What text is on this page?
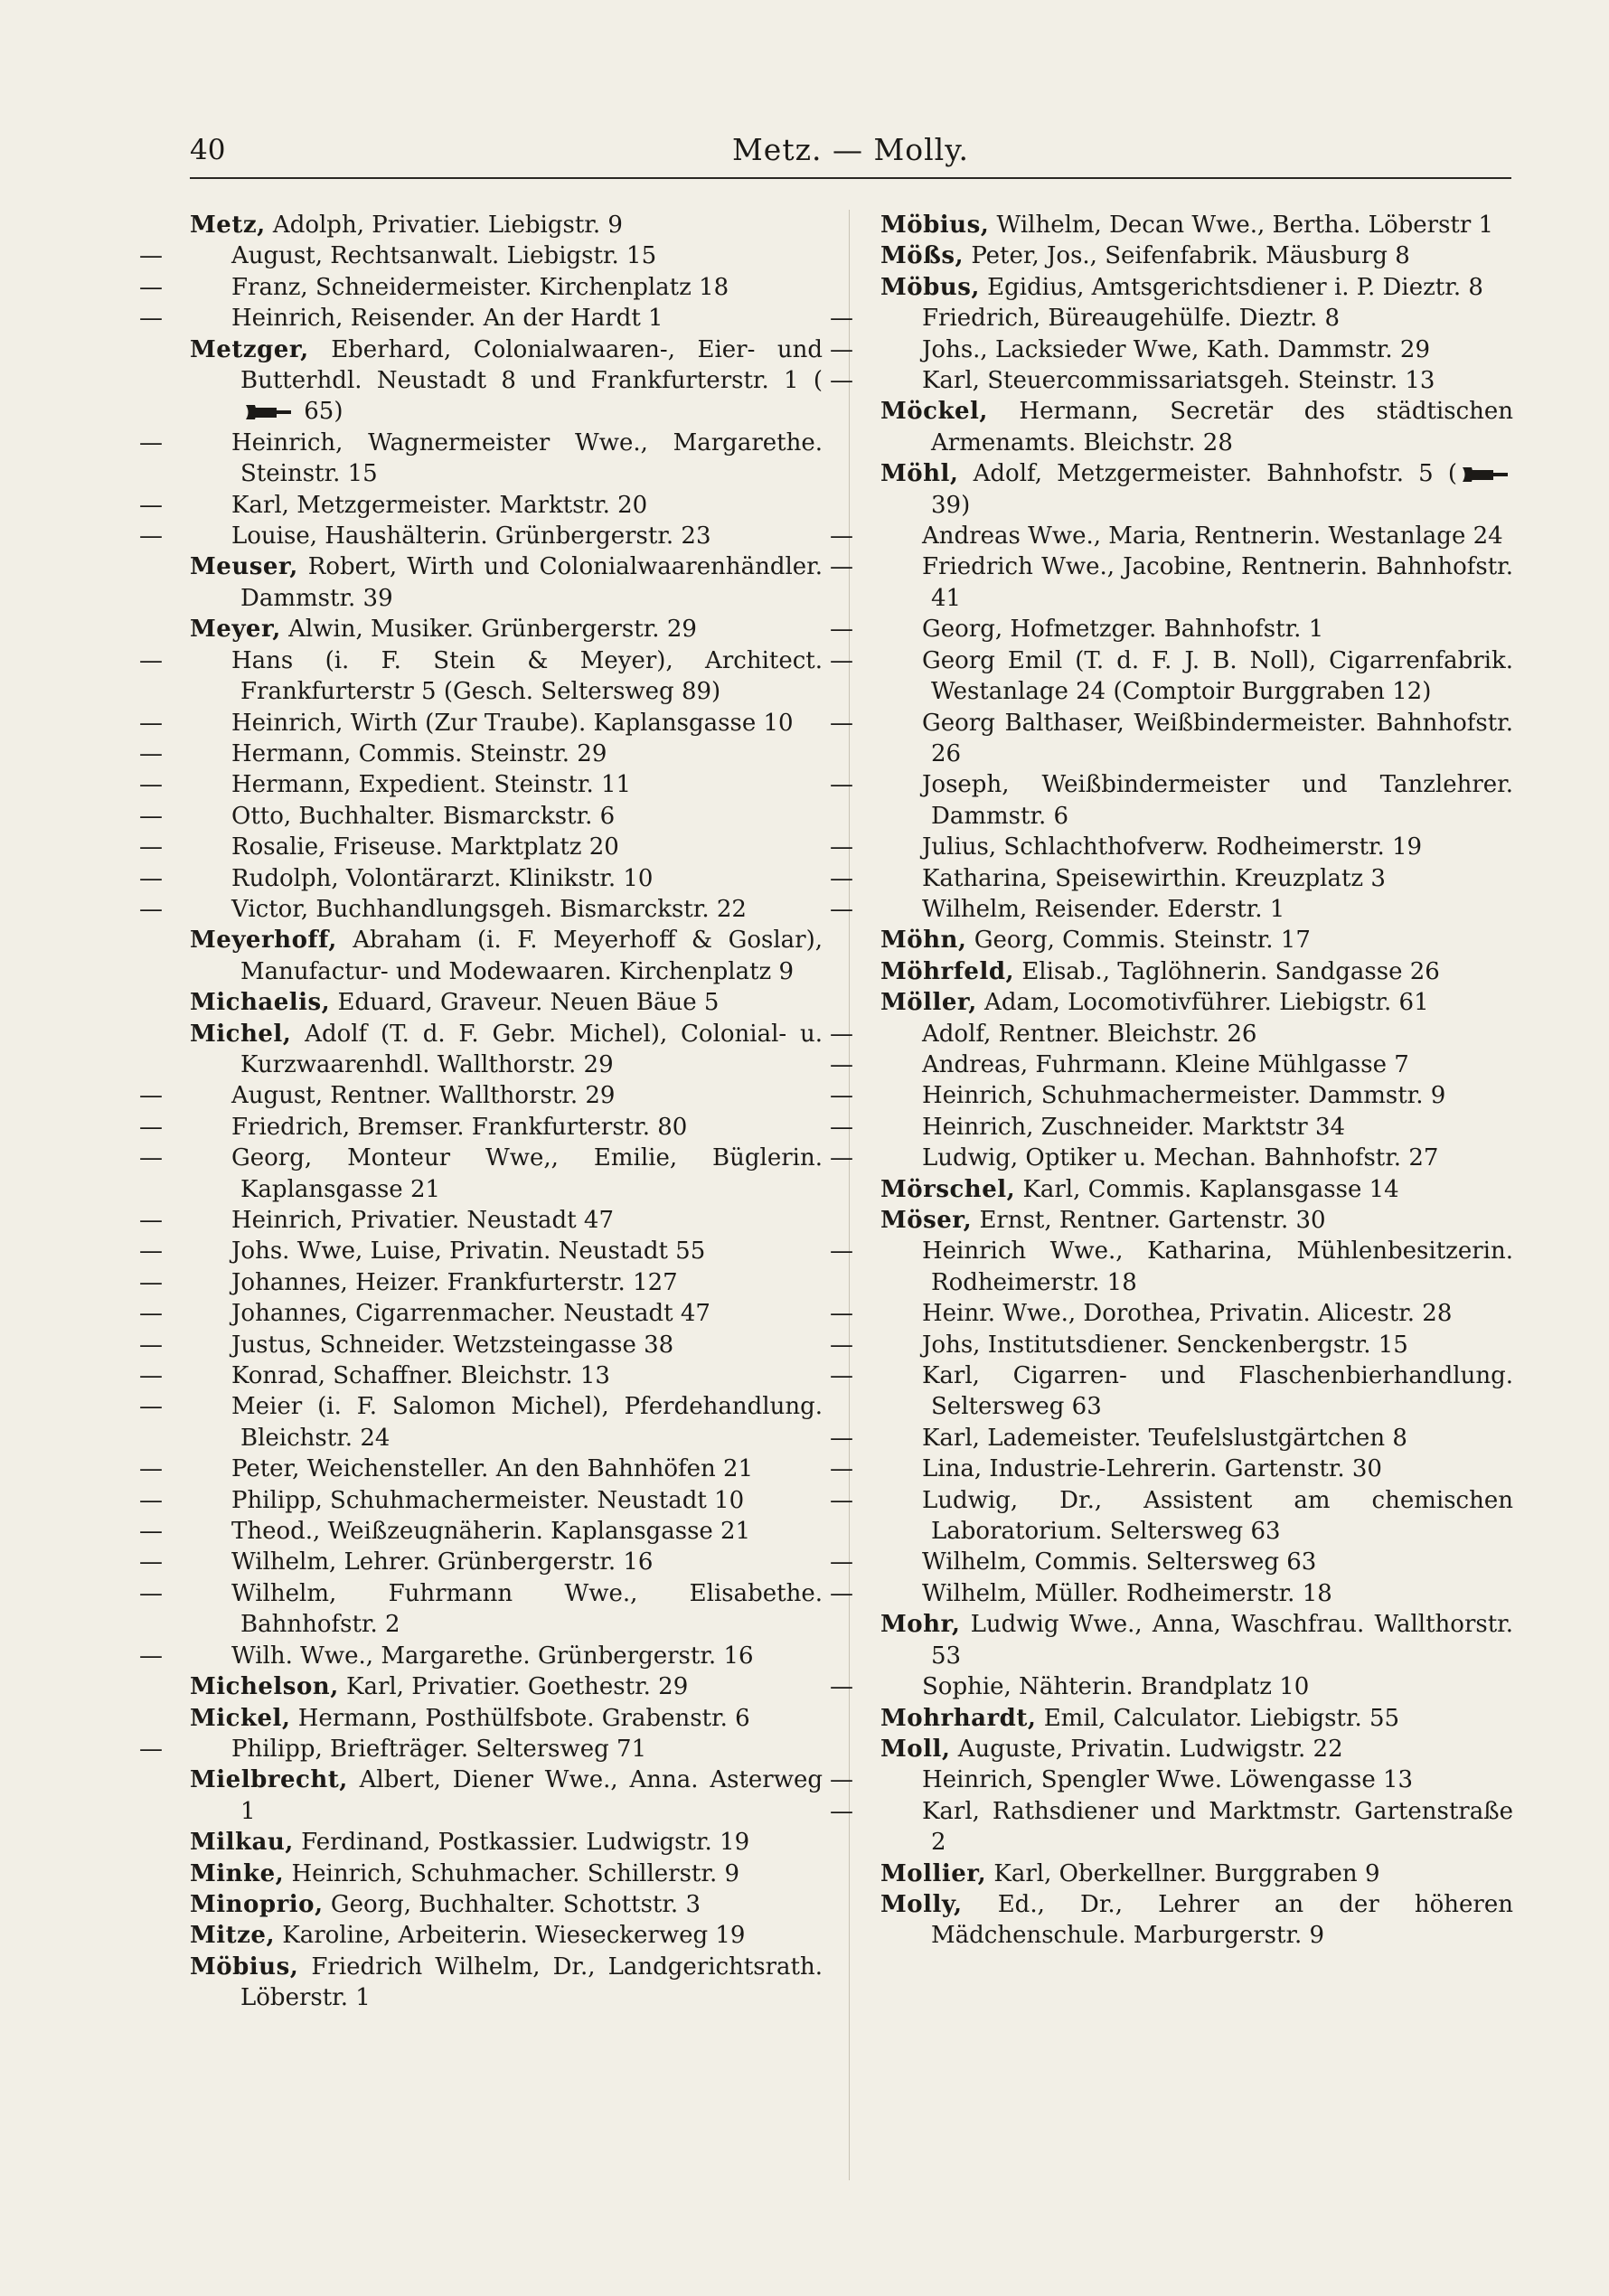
40	Metz. — Molly.
Metz, Adolph, Privatier. Liebigstr. 9
—	August, Rechtsanwalt. Liebigstr. 15
—	Franz, Schneidermeister. Kirchenplatz 18
—	Heinrich, Reisender. An der Hardt 1
Metzger, Eberhard, Colonialwaaren-, Eier- und Butterhdl. Neustadt 8 und Frankfurterstr. 1 ( 65)
—	Heinrich, Wagnermeister Wwe., Margarethe. Steinstr. 15
—	Karl, Metzgermeister. Marktstr. 20
—	Louise, Haushälterin. Grünbergerstr. 23
Meuser, Robert, Wirth und Colonialwaarenhändler. Dammstr. 39
Meyer, Alwin, Musiker. Grünbergerstr. 29
—	Hans (i. F. Stein & Meyer), Architect. Frankfurterstr 5 (Gesch. Seltersweg 89)
—	Heinrich, Wirth (Zur Traube). Kaplansgasse 10
—	Hermann, Commis. Steinstr. 29
—	Hermann, Expedient. Steinstr. 11
—	Otto, Buchhalter. Bismarckstr. 6
—	Rosalie, Friseuse. Marktplatz 20
—	Rudolph, Volontärarzt. Klinikstr. 10
—	Victor, Buchhandlungsgeh. Bismarckstr. 22
Meyerhoff, Abraham (i. F. Meyerhoff & Goslar), Manufactur- und Modewaaren. Kirchenplatz 9
Michaelis, Eduard, Graveur. Neuen Bäue 5
Michel, Adolf (T. d. F. Gebr. Michel), Colonial- u. Kurzwaarenhdl. Wallthorstr. 29
—	August, Rentner. Wallthorstr. 29
—	Friedrich, Bremser. Frankfurterstr. 80
—	Georg, Monteur Wwe,, Emilie, Büglerin. Kaplansgasse 21
—	Heinrich, Privatier. Neustadt 47
—	Johs. Wwe, Luise, Privatin. Neustadt 55
—	Johannes, Heizer. Frankfurterstr. 127
—	Johannes, Cigarrenmacher. Neustadt 47
—	Justus, Schneider. Wetzsteingasse 38
—	Konrad, Schaffner. Bleichstr. 13
—	Meier (i. F. Salomon Michel), Pferdehandlung. Bleichstr. 24
—	Peter, Weichensteller. An den Bahnhöfen 21
—	Philipp, Schuhmachermeister. Neustadt 10
—	Theod., Weißzeugnäherin. Kaplansgasse 21
—	Wilhelm, Lehrer. Grünbergerstr. 16
—	Wilhelm, Fuhrmann Wwe., Elisabethe. Bahnhofstr. 2
—	Wilh. Wwe., Margarethe. Grünbergerstr. 16
Michelson, Karl, Privatier. Goethestr. 29
Mickel, Hermann, Posthülfsbote. Grabenstr. 6
—	Philipp, Briefträger. Seltersweg 71
Mielbrecht, Albert, Diener Wwe., Anna. Asterweg 1
Milkau, Ferdinand, Postkassier. Ludwigstr. 19
Minke, Heinrich, Schuhmacher. Schillerstr. 9
Minoprio, Georg, Buchhalter. Schottstr. 3
Mitze, Karoline, Arbeiterin. Wieseckerweg 19
Möbius, Friedrich Wilhelm, Dr., Landgerichtsrath. Löberstr. 1
Möbius, Wilhelm, Decan Wwe., Bertha. Löberstr 1
Mößs, Peter, Jos., Seifenfabrik. Mäusburg 8
Möbus, Egidius, Amtsgerichtsdiener i. P. Dieztr. 8
—	Friedrich, Büreaugehülfe. Dieztr. 8
—	Johs., Lacksieder Wwe, Kath. Dammstr. 29
—	Karl, Steuercommissariatsgeh. Steinstr. 13
Möckel, Hermann, Secretär des städtischen Armenamts. Bleichstr. 28
Möhl, Adolf, Metzgermeister. Bahnhofstr. 5 ( 39)
—	Andreas Wwe., Maria, Rentnerin. Westanlage 24
—	Friedrich Wwe., Jacobine, Rentnerin. Bahnhofstr. 41
—	Georg, Hofmetzger. Bahnhofstr. 1
—	Georg Emil (T. d. F. J. B. Noll), Cigarrenfabrik. Westanlage 24 (Comptoir Burggraben 12)
—	Georg Balthaser, Weißbindermeister. Bahnhofstr. 26
—	Joseph, Weißbindermeister und Tanzlehrer. Dammstr. 6
—	Julius, Schlachthofverw. Rodheimerstr. 19
—	Katharina, Speisewirthin. Kreuzplatz 3
—	Wilhelm, Reisender. Ederstr. 1
Möhn, Georg, Commis. Steinstr. 17
Möhrfeld, Elisab., Taglöhnerin. Sandgasse 26
Möller, Adam, Locomotivführer. Liebigstr. 61
—	Adolf, Rentner. Bleichstr. 26
—	Andreas, Fuhrmann. Kleine Mühlgasse 7
—	Heinrich, Schuhmachermeister. Dammstr. 9
—	Heinrich, Zuschneider. Marktstr 34
—	Ludwig, Optiker u. Mechan. Bahnhofstr. 27
Mörschel, Karl, Commis. Kaplansgasse 14
Möser, Ernst, Rentner. Gartenstr. 30
—	Heinrich Wwe., Katharina, Mühlenbesitzerin. Rodheimerstr. 18
—	Heinr. Wwe., Dorothea, Privatin. Alicestr. 28
—	Johs, Institutsdiener. Senckenbergstr. 15
—	Karl, Cigarren- und Flaschenbierhandlung. Seltersweg 63
—	Karl, Lademeister. Teufelslustgärtchen 8
—	Lina, Industrie-Lehrerin. Gartenstr. 30
—	Ludwig, Dr., Assistent am chemischen Laboratorium. Seltersweg 63
—	Wilhelm, Commis. Seltersweg 63
—	Wilhelm, Müller. Rodheimerstr. 18
Mohr, Ludwig Wwe., Anna, Waschfrau. Wallthorstr. 53
—	Sophie, Nähterin. Brandplatz 10
Mohrhardt, Emil, Calculator. Liebigstr. 55
Moll, Auguste, Privatin. Ludwigstr. 22
—	Heinrich, Spengler Wwe. Löwengasse 13
—	Karl, Rathsdiener und Marktmstr. Gartenstraße 2
Mollier, Karl, Oberkellner. Burggraben 9
Molly, Ed., Dr., Lehrer an der höheren Mädchenschule. Marburgerstr. 9
